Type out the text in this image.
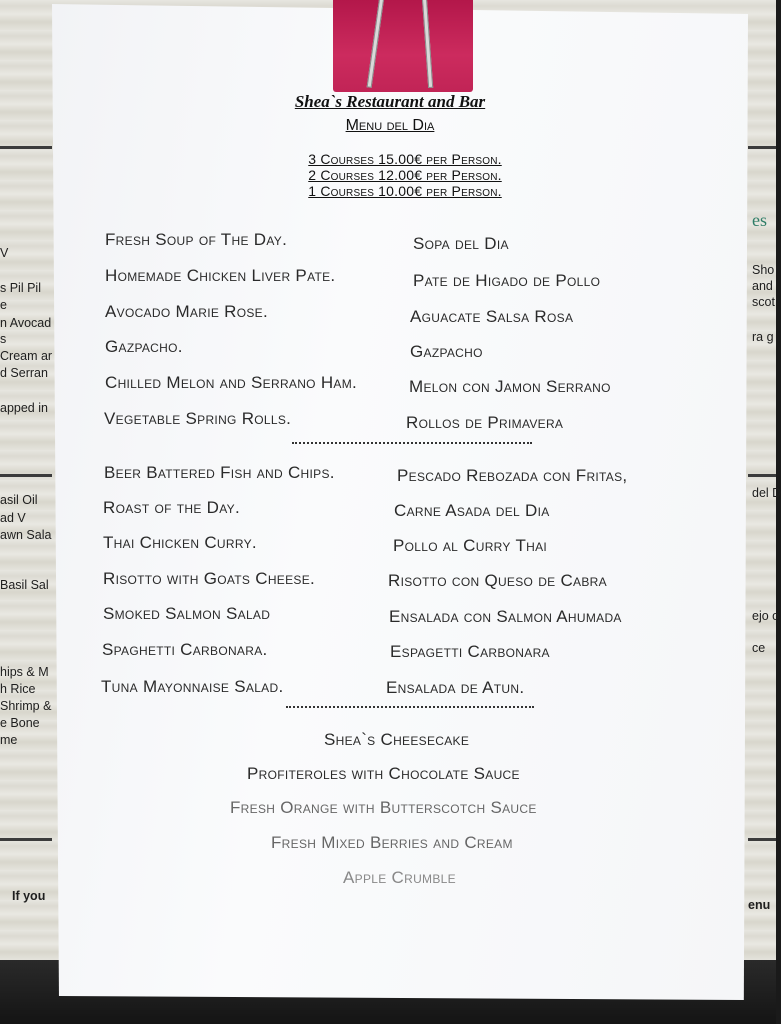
V
s Pil Pil
e
n Avocad
s
Cream ar
d Serran
apped in
asil Oil
ad V
awn Sala
Basil Sal
hips & M
h Rice
Shrimp &
e Bone
me
If you
es
Sho
and
scot
ra g
del D
ejo o
ce
enu
Shea`s Restaurant and Bar
Menu del Dia
3 Courses 15.00€ per Person.
2 Courses 12.00€ per Person.
1 Courses 10.00€ per Person.
Fresh Soup of The Day.	Sopa del Dia
Homemade Chicken Liver Pate.	Pate de Higado de Pollo
Avocado Marie Rose.	Aguacate Salsa Rosa
Gazpacho.	Gazpacho
Chilled Melon and Serrano Ham.	Melon con Jamon Serrano
Vegetable Spring Rolls.	Rollos de Primavera
Beer Battered Fish and Chips.	Pescado Rebozada con Fritas,
Roast of the Day.	Carne Asada del Dia
Thai Chicken Curry.	Pollo al Curry Thai
Risotto with Goats Cheese.	Risotto con Queso de Cabra
Smoked Salmon Salad	Ensalada con Salmon Ahumada
Spaghetti Carbonara.	Espagetti Carbonara
Tuna Mayonnaise Salad.	Ensalada de Atun.
Shea`s Cheesecake
Profiteroles with Chocolate Sauce
Fresh Orange with Butterscotch Sauce
Fresh Mixed Berries and Cream
Apple Crumble
